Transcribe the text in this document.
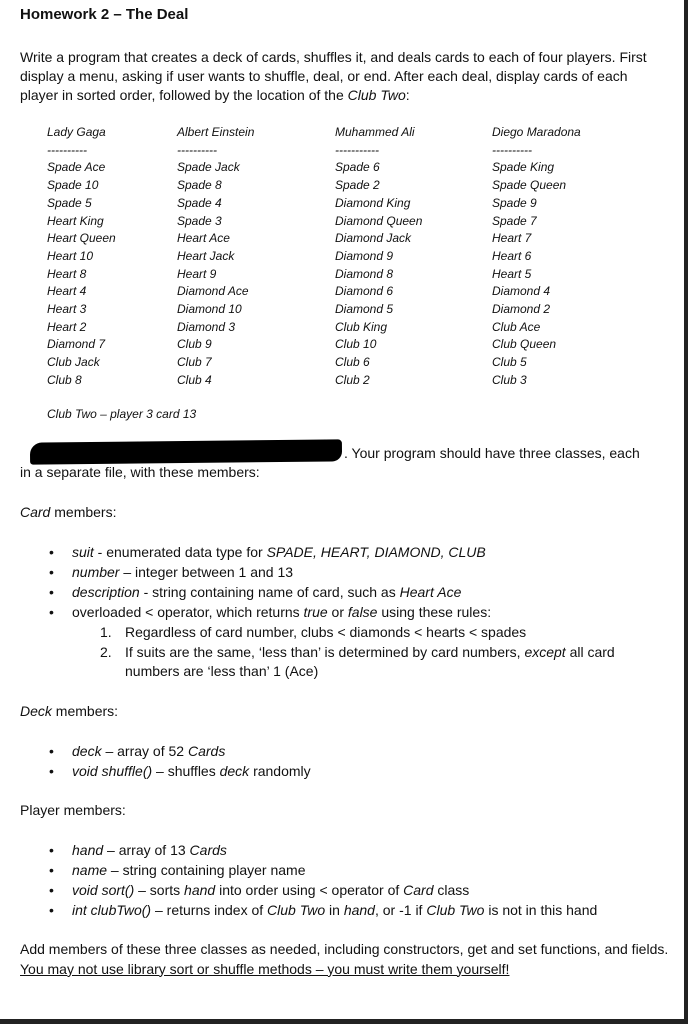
Homework 2 – The Deal
Write a program that creates a deck of cards, shuffles it, and deals cards to each of four players. First display a menu, asking if user wants to shuffle, deal, or end. After each deal, display cards of each player in sorted order, followed by the location of the Club Two:
Lady Gaga
----------
Spade Ace
Spade 10
Spade 5
Heart King
Heart Queen
Heart 10
Heart 8
Heart 4
Heart 3
Heart 2
Diamond 7
Club Jack
Club 8
Albert Einstein
----------
Spade Jack
Spade 8
Spade 4
Spade 3
Heart Ace
Heart Jack
Heart 9
Diamond Ace
Diamond 10
Diamond 3
Club 9
Club 7
Club 4
Muhammed Ali
-----------
Spade 6
Spade 2
Diamond King
Diamond Queen
Diamond Jack
Diamond 9
Diamond 8
Diamond 6
Diamond 5
Club King
Club 10
Club 6
Club 2
Diego Maradona
----------
Spade King
Spade Queen
Spade 9
Spade 7
Heart 7
Heart 6
Heart 5
Diamond 4
Diamond 2
Club Ace
Club Queen
Club 5
Club 3
Club Two – player 3 card 13
. Your program should have three classes, each
in a separate file, with these members:
Card members:
• suit - enumerated data type for SPADE, HEART, DIAMOND, CLUB
• number – integer between 1 and 13
• description - string containing name of card, such as Heart Ace
• overloaded < operator, which returns true or false using these rules:
1. Regardless of card number, clubs < diamonds < hearts < spades
2. If suits are the same, ‘less than’ is determined by card numbers, except all card numbers are ‘less than’ 1 (Ace)
Deck members:
• deck – array of 52 Cards
• void shuffle() – shuffles deck randomly
Player members:
• hand – array of 13 Cards
• name – string containing player name
• void sort() – sorts hand into order using < operator of Card class
• int clubTwo() – returns index of Club Two in hand, or -1 if Club Two is not in this hand
Add members of these three classes as needed, including constructors, get and set functions, and fields. You may not use library sort or shuffle methods – you must write them yourself!
